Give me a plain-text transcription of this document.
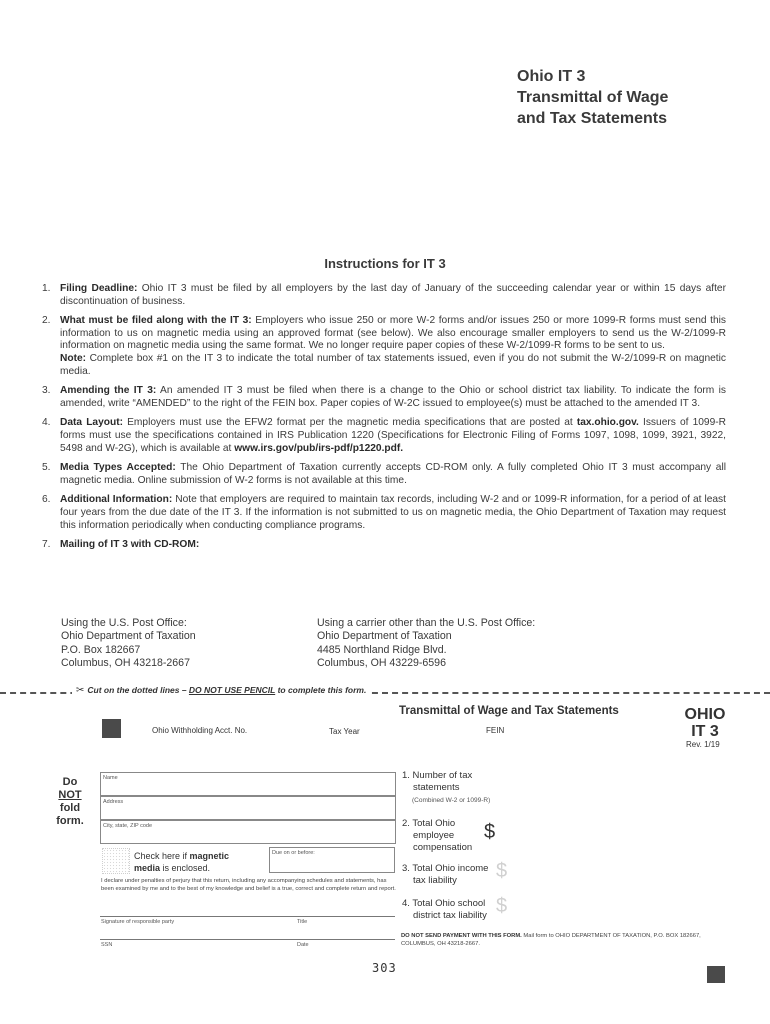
Ohio IT 3
Transmittal of Wage
and Tax Statements
Instructions for IT 3
1. Filing Deadline: Ohio IT 3 must be filed by all employers by the last day of January of the succeeding calendar year or within 15 days after discontinuation of business.
2. What must be filed along with the IT 3: Employers who issue 250 or more W-2 forms and/or issues 250 or more 1099-R forms must send this information to us on magnetic media using an approved format (see below). We also encourage smaller employers to send us the W-2/1099-R information on magnetic media using the same format. We no longer require paper copies of these W-2/1099-R forms to be sent to us.
Note: Complete box #1 on the IT 3 to indicate the total number of tax statements issued, even if you do not submit the W-2/1099-R on magnetic media.
3. Amending the IT 3: An amended IT 3 must be filed when there is a change to the Ohio or school district tax liability. To indicate the form is amended, write “AMENDED” to the right of the FEIN box. Paper copies of W-2C issued to employee(s) must be attached to the amended IT 3.
4. Data Layout: Employers must use the EFW2 format per the magnetic media specifications that are posted at tax.ohio.gov. Issuers of 1099-R forms must use the specifications contained in IRS Publication 1220 (Specifications for Electronic Filing of Forms 1097, 1098, 1099, 3921, 3922, 5498 and W-2G), which is available at www.irs.gov/pub/irs-pdf/p1220.pdf.
5. Media Types Accepted: The Ohio Department of Taxation currently accepts CD-ROM only. A fully completed Ohio IT 3 must accompany all magnetic media. Online submission of W-2 forms is not available at this time.
6. Additional Information: Note that employers are required to maintain tax records, including W-2 and or 1099-R information, for a period of at least four years from the due date of the IT 3. If the information is not submitted to us on magnetic media, the Ohio Department of Taxation may request this information periodically when conducting compliance programs.
7. Mailing of IT 3 with CD-ROM:
Using the U.S. Post Office:
Ohio Department of Taxation
P.O. Box 182667
Columbus, OH 43218-2667
Using a carrier other than the U.S. Post Office:
Ohio Department of Taxation
4485 Northland Ridge Blvd.
Columbus, OH 43229-6596
✂ Cut on the dotted lines – DO NOT USE PENCIL to complete this form.
Transmittal of Wage and Tax Statements	OHIO
IT 3
Rev. 1/19
Ohio Withholding Acct. No.	Tax Year	FEIN
Do
NOT
fold
form.
Name
Address
City, state, ZIP code
Check here if magnetic
media is enclosed.
Due on or before:
I declare under penalties of perjury that this return, including any accompanying schedules and statements, has been examined by me and to the best of my knowledge and belief is a true, correct and complete return and report.
Signature of responsible party	Title
SSN	Date
1. Number of tax
statements
(Combined W-2 or 1099-R)
2. Total Ohio
employee
compensation
$
3. Total Ohio income
tax liability	$
4. Total Ohio school
district tax liability $
DO NOT SEND PAYMENT WITH THIS FORM. Mail form to OHIO DEPARTMENT OF TAXATION, P.O. BOX 182667, COLUMBUS, OH 43218-2667.
303
